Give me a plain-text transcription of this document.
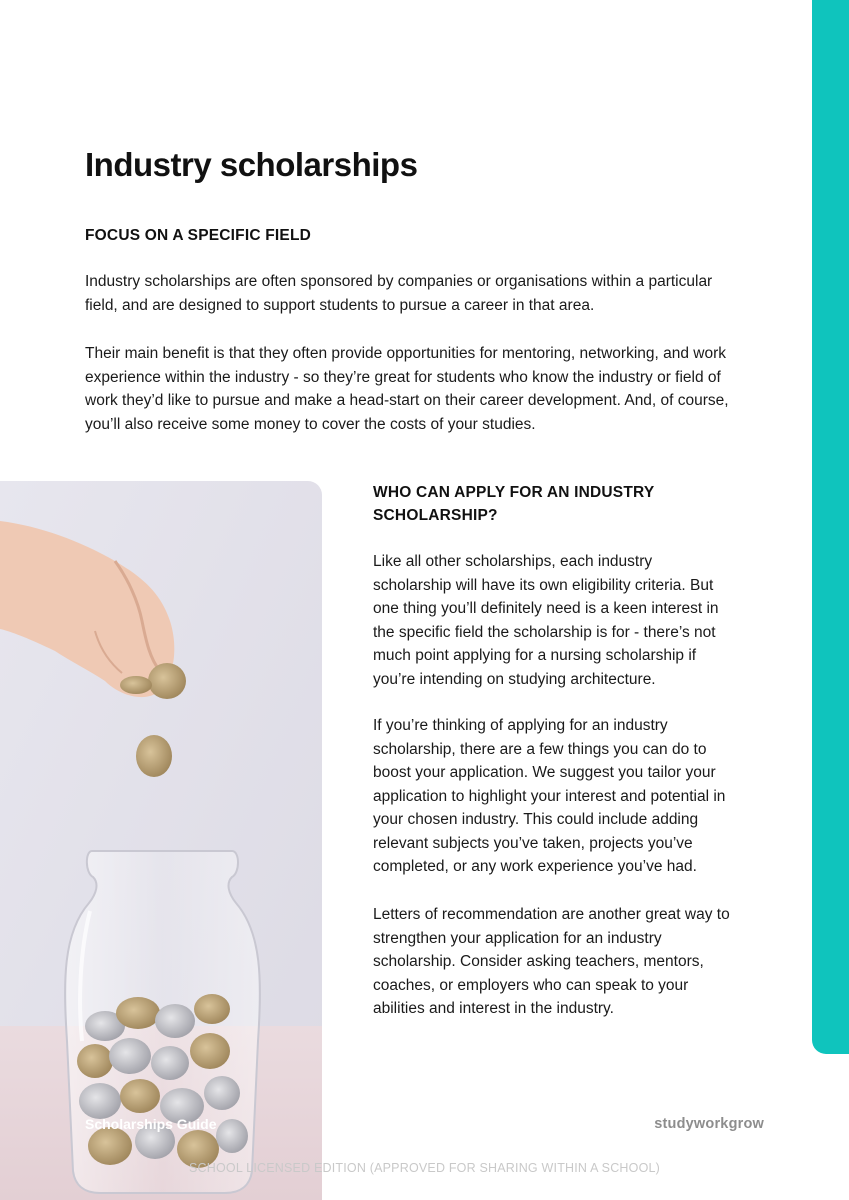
Industry scholarships
FOCUS ON A SPECIFIC FIELD

Industry scholarships are often sponsored by companies or organisations within a particular field, and are designed to support students to pursue a career in that area.

Their main benefit is that they often provide opportunities for mentoring, networking, and work experience within the industry - so they’re great for students who know the industry or field of work they’d like to pursue and make a head-start on their career development. And, of course, you’ll also receive some money to cover the costs of your studies.

WHO CAN APPLY FOR AN INDUSTRY SCHOLARSHIP?

Like all other scholarships, each industry scholarship will have its own eligibility criteria. But one thing you’ll definitely need is a keen interest in the specific field the scholarship is for - there’s not much point applying for a nursing scholarship if you’re intending on studying architecture.

If you’re thinking of applying for an industry scholarship, there are a few things you can do to boost your application. We suggest you tailor your application to highlight your interest and potential in your chosen industry. This could include adding relevant subjects you’ve taken, projects you’ve completed, or any work experience you’ve had.

Letters of recommendation are another great way to strengthen your application for an industry scholarship. Consider asking teachers, mentors, coaches, or employers who can speak to your abilities and interest in the industry.

Scholarships Guide	studyworkgrow
SCHOOL LICENSED EDITION (APPROVED FOR SHARING WITHIN A SCHOOL)
